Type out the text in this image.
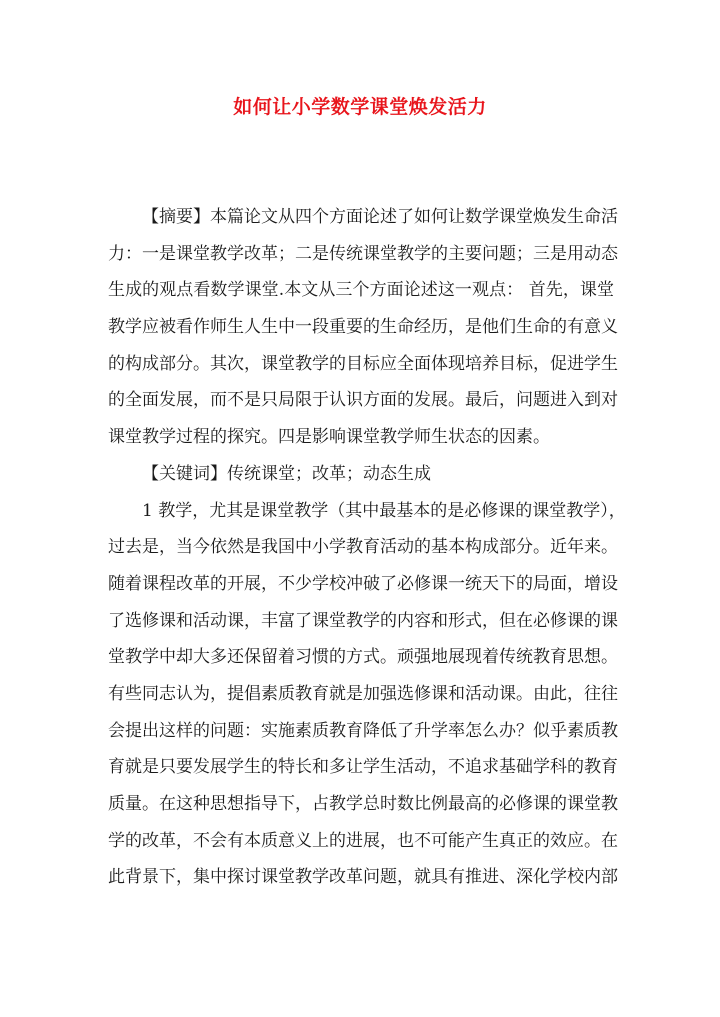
如何让小学数学课堂焕发活力
【摘要】本篇论文从四个方面论述了如何让数学课堂焕发生命活
力：一是课堂教学改革；二是传统课堂教学的主要问题；三是用动态
生成的观点看数学课堂.本文从三个方面论述这一观点： 首先，课堂
教学应被看作师生人生中一段重要的生命经历，是他们生命的有意义
的构成部分。其次，课堂教学的目标应全面体现培养目标，促进学生
的全面发展，而不是只局限于认识方面的发展。最后，问题进入到对
课堂教学过程的探究。四是影响课堂教学师生状态的因素。
【关键词】传统课堂；改革；动态生成
1 教学，尤其是课堂教学（其中最基本的是必修课的课堂教学），
过去是，当今依然是我国中小学教育活动的基本构成部分。近年来。
随着课程改革的开展，不少学校冲破了必修课一统天下的局面，增设
了选修课和活动课，丰富了课堂教学的内容和形式，但在必修课的课
堂教学中却大多还保留着习惯的方式。顽强地展现着传统教育思想。
有些同志认为，提倡素质教育就是加强选修课和活动课。由此，往往
会提出这样的问题：实施素质教育降低了升学率怎么办？似乎素质教
育就是只要发展学生的特长和多让学生活动，不追求基础学科的教育
质量。在这种思想指导下，占教学总时数比例最高的必修课的课堂教
学的改革，不会有本质意义上的进展，也不可能产生真正的效应。在
此背景下，集中探讨课堂教学改革问题，就具有推进、深化学校内部
